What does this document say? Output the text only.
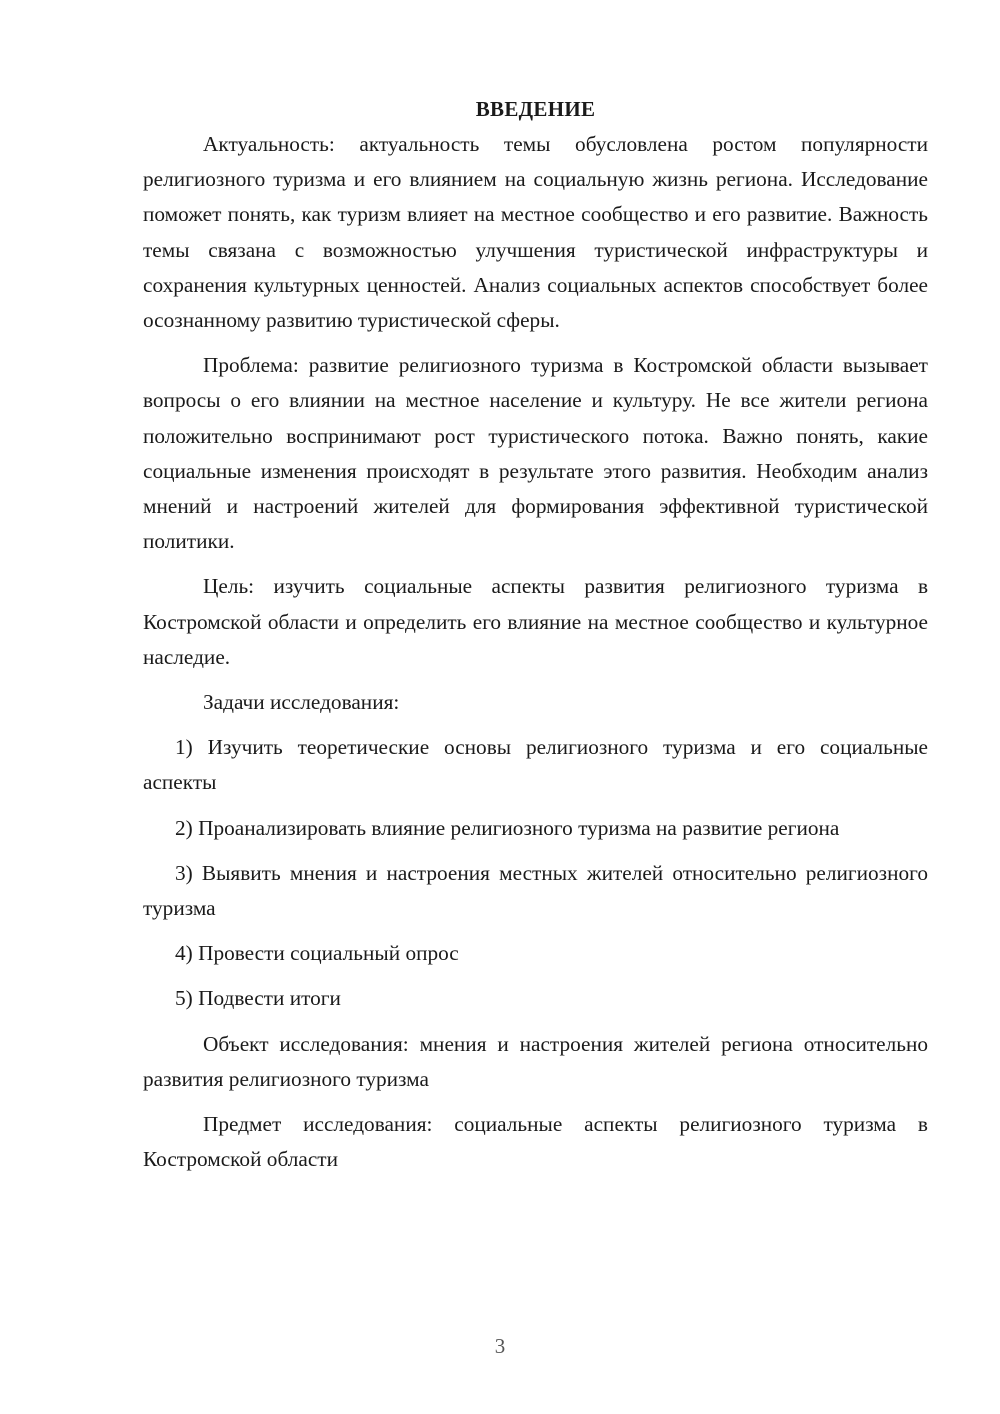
ВВЕДЕНИЕ

Актуальность: актуальность темы обусловлена ростом популярности религиозного туризма и его влиянием на социальную жизнь региона. Исследование поможет понять, как туризм влияет на местное сообщество и его развитие. Важность темы связана с возможностью улучшения туристической инфраструктуры и сохранения культурных ценностей. Анализ социальных аспектов способствует более осознанному развитию туристической сферы.

Проблема: развитие религиозного туризма в Костромской области вызывает вопросы о его влиянии на местное население и культуру. Не все жители региона положительно воспринимают рост туристического потока. Важно понять, какие социальные изменения происходят в результате этого развития. Необходим анализ мнений и настроений жителей для формирования эффективной туристической политики.

Цель: изучить социальные аспекты развития религиозного туризма в Костромской области и определить его влияние на местное сообщество и культурное наследие.

Задачи исследования:

1) Изучить теоретические основы религиозного туризма и его социальные аспекты

2) Проанализировать влияние религиозного туризма на развитие региона

3) Выявить мнения и настроения местных жителей относительно религиозного туризма

4) Провести социальный опрос

5) Подвести итоги

Объект исследования: мнения и настроения жителей региона относительно развития религиозного туризма

Предмет исследования: социальные аспекты религиозного туризма в Костромской области

3
